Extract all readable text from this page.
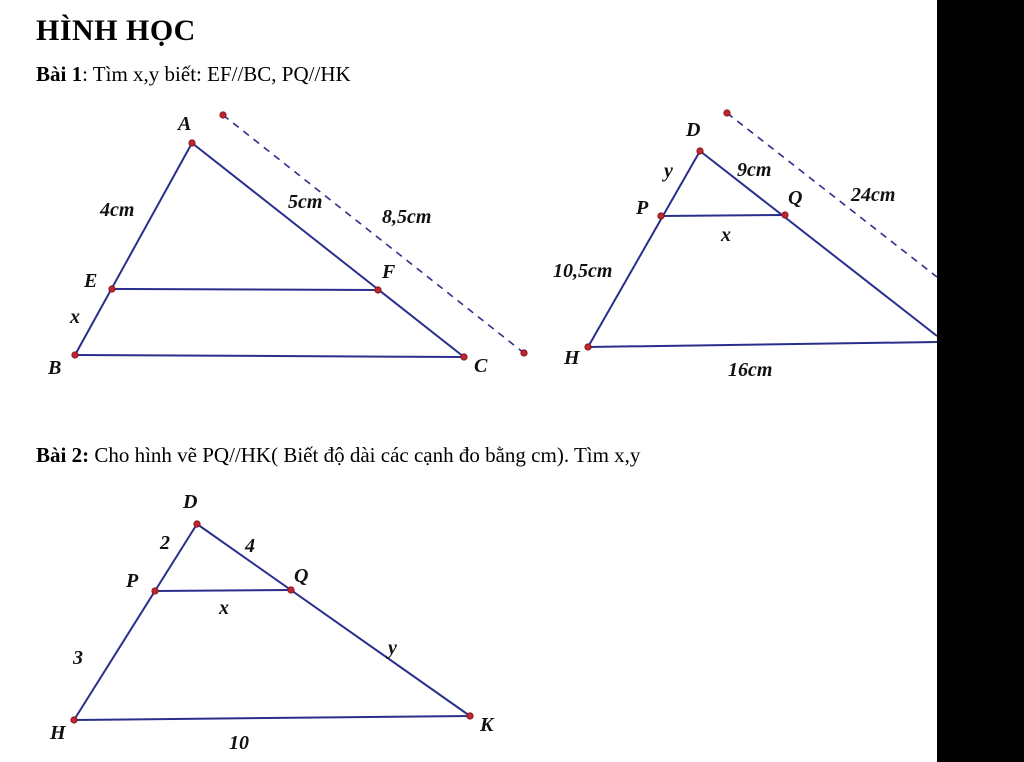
HÌNH HỌC
Bài 1: Tìm x,y biết: EF//BC, PQ//HK
Bài 2: Cho hình vẽ PQ//HK( Biết độ dài các cạnh đo bằng cm). Tìm x,y
A
E	F
B	C
4cm	5cm
8,5cm
x
D
P	Q
H
y	9cm
24cm
x
10,5cm
16cm
D
P	Q
H	K
2	4
x
3	y
10
